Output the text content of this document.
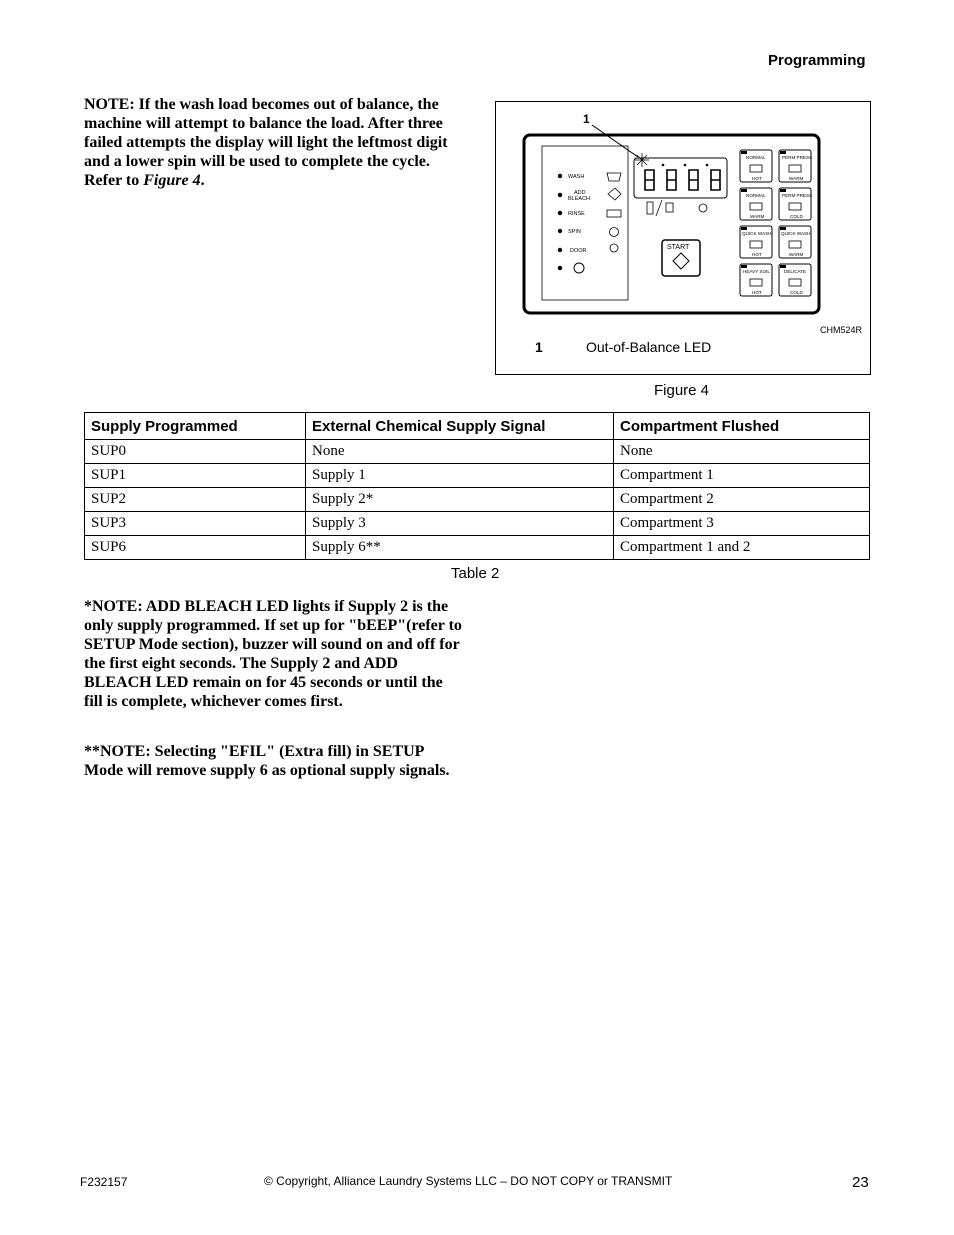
Programming
NOTE: If the wash load becomes out of balance, the machine will attempt to balance the load. After three failed attempts the display will light the leftmost digit and a lower spin will be used to complete the cycle. Refer to Figure 4.
1
WASH
ADD
BLEACH
RINSE
SPIN
DOOR	START
NORMAL
HOT
PERM PRESS
WARM
NORMAL
WARM
PERM PRESS
COLD
QUICK WASH
HOT
QUICK WASH
WARM
HEAVY SOIL
HOT
DELICATE
COLD
CHM524R
1	Out-of-Balance LED
Figure 4
Supply Programmed	External Chemical Supply Signal	Compartment Flushed
SUP0	None	None
SUP1	Supply 1	Compartment 1
SUP2	Supply 2*	Compartment 2
SUP3	Supply 3	Compartment 3
SUP6	Supply 6**	Compartment 1 and 2
Table 2
*NOTE: ADD BLEACH LED lights if Supply 2 is the only supply programmed. If set up for "bEEP"(refer to SETUP Mode section), buzzer will sound on and off for the first eight seconds. The Supply 2 and ADD BLEACH LED remain on for 45 seconds or until the fill is complete, whichever comes first.
**NOTE: Selecting "EFIL" (Extra fill) in SETUP Mode will remove supply 6 as optional supply signals.
F232157	© Copyright, Alliance Laundry Systems LLC – DO NOT COPY or TRANSMIT	23
